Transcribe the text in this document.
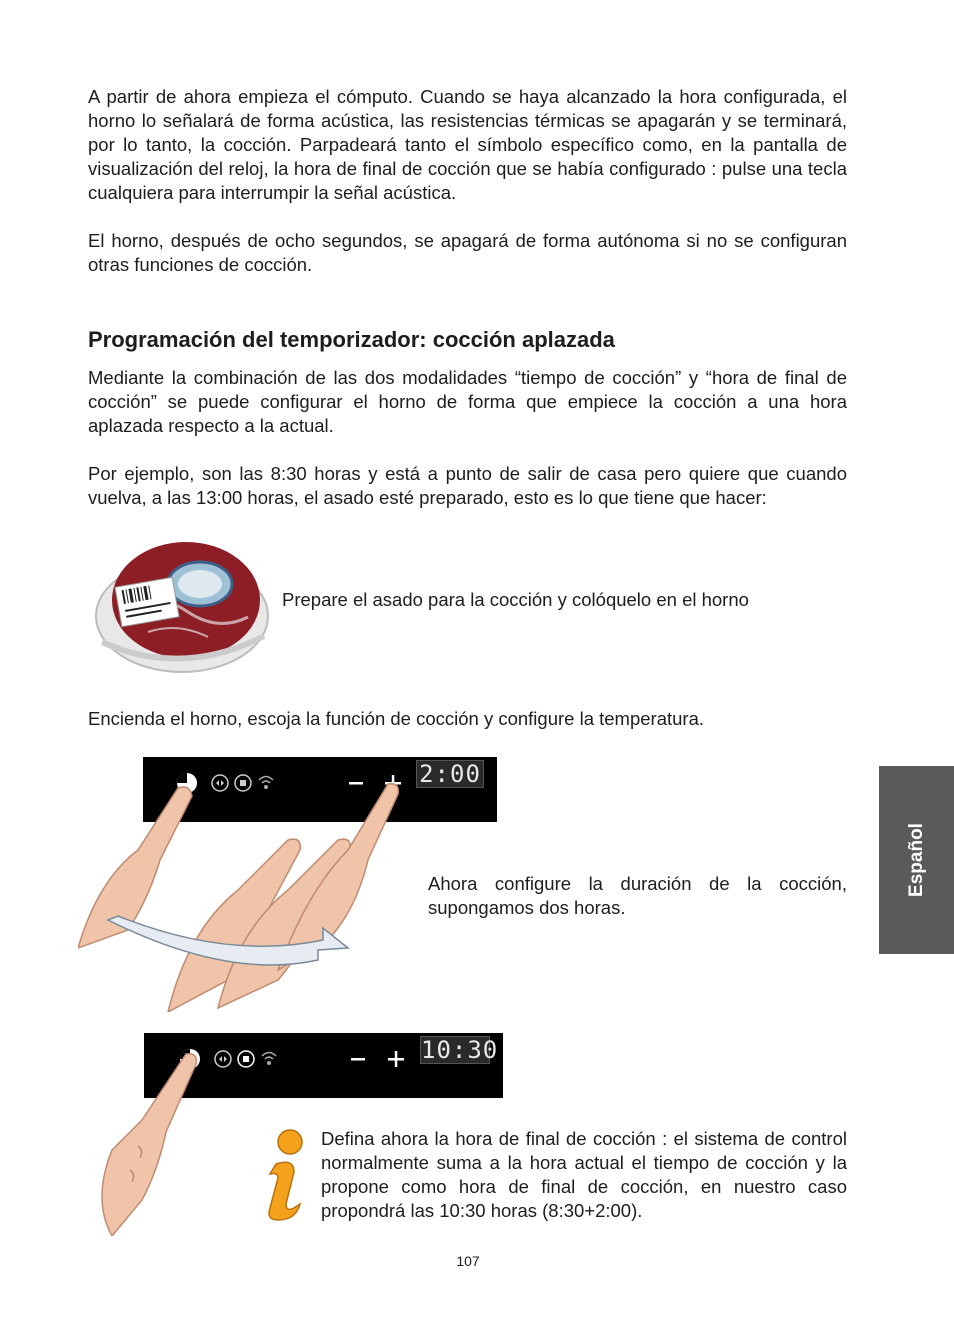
A partir de ahora empieza el cómputo. Cuando se haya alcanzado la hora configurada, el horno lo señalará de forma acústica, las resistencias térmicas se apagarán y se terminará, por lo tanto, la cocción. Parpadeará tanto el símbolo específico como, en la pantalla de visualización del reloj, la hora de final de cocción que se había configurado : pulse una tecla cualquiera para interrumpir la señal acústica.

El horno, después de ocho segundos, se apagará de forma autónoma si no se configuran otras funciones de cocción.

Programación del temporizador: cocción aplazada

Mediante la combinación de las dos modalidades “tiempo de cocción” y “hora de final de cocción” se puede configurar el horno de forma que empiece la cocción a una hora aplazada respecto a la actual.

Por ejemplo, son las 8:30 horas y está a punto de salir de casa pero quiere que cuando vuelva, a las 13:00 horas, el asado esté preparado, esto es lo que tiene que hacer:

Prepare el asado para la cocción y colóquelo en el horno

Encienda el horno, escoja la función de cocción y configure la temperatura.

2:00

Ahora configure la duración de la cocción, supongamos dos horas.

10:30

Defina ahora la hora de final de cocción : el sistema de control normalmente suma a la hora actual el tiempo de cocción y la propone como hora de final de cocción, en nuestro caso propondrá las 10:30 horas (8:30+2:00).

Español
107
